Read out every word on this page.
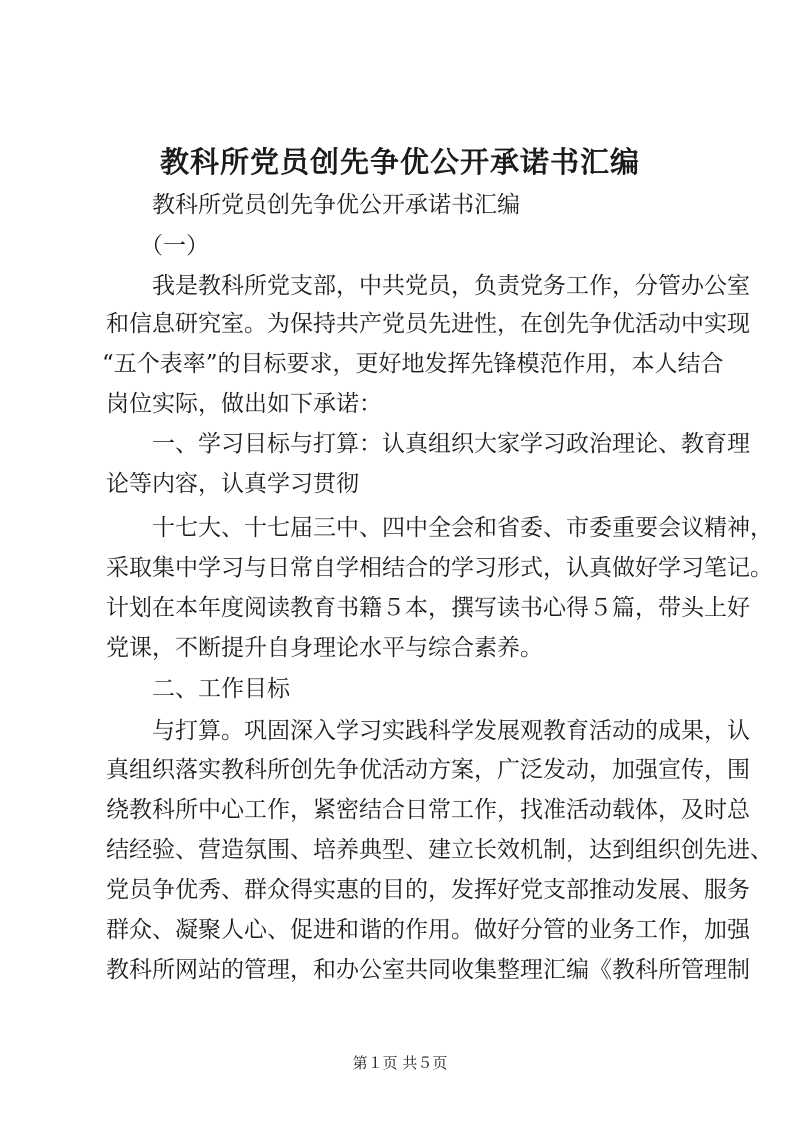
教科所党员创先争优公开承诺书汇编

教科所党员创先争优公开承诺书汇编

（一）

我是教科所党支部，中共党员，负责党务工作，分管办公室

和信息研究室。为保持共产党员先进性，在创先争优活动中实现

“五个表率”的目标要求，更好地发挥先锋模范作用，本人结合

岗位实际，做出如下承诺：

一、学习目标与打算：认真组织大家学习政治理论、教育理

论等内容，认真学习贯彻

十七大、十七届三中、四中全会和省委、市委重要会议精神，

采取集中学习与日常自学相结合的学习形式，认真做好学习笔记。

计划在本年度阅读教育书籍５本，撰写读书心得５篇，带头上好

党课，不断提升自身理论水平与综合素养。

二、工作目标

与打算。巩固深入学习实践科学发展观教育活动的成果，认

真组织落实教科所创先争优活动方案，广泛发动，加强宣传，围

绕教科所中心工作，紧密结合日常工作，找准活动载体，及时总

结经验、营造氛围、培养典型、建立长效机制，达到组织创先进、

党员争优秀、群众得实惠的目的，发挥好党支部推动发展、服务

群众、凝聚人心、促进和谐的作用。做好分管的业务工作，加强

教科所网站的管理，和办公室共同收集整理汇编《教科所管理制

第１页 共５页
